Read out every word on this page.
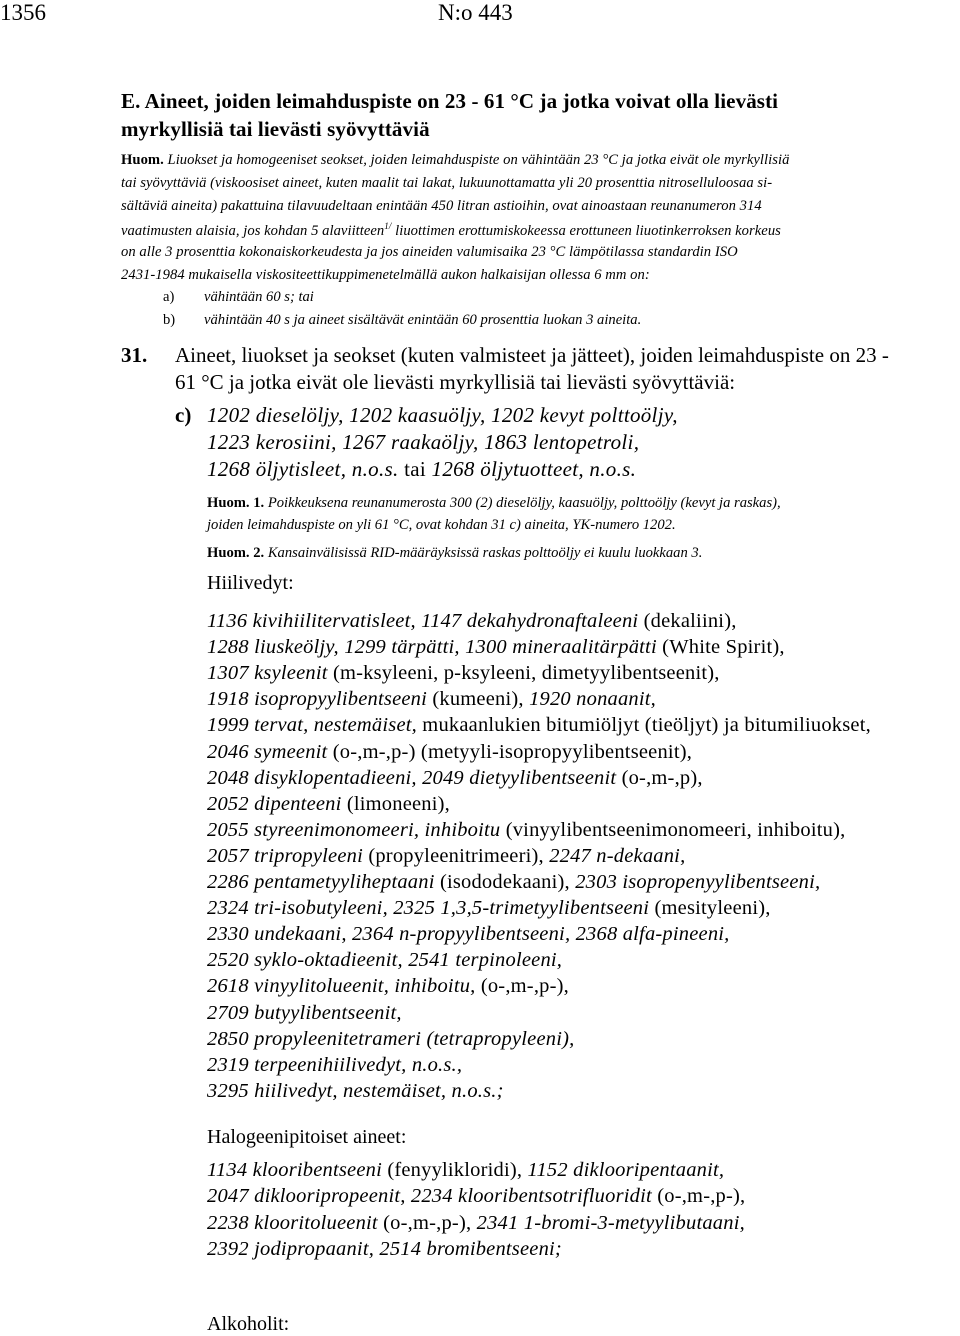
1356	N:o 443
E. Aineet, joiden leimahduspiste on 23 - 61 °C ja jotka voivat olla lievästi
myrkyllisiä tai lievästi syövyttäviä
Huom. Liuokset ja homogeeniset seokset, joiden leimahduspiste on vähintään 23 °C ja jotka eivät ole myrkyllisiä
tai syövyttäviä (viskoosiset aineet, kuten maalit tai lakat, lukuunottamatta yli 20 prosenttia nitroselluloosaa si-
sältäviä aineita) pakattuina tilavuudeltaan enintään 450 litran astioihin, ovat ainoastaan reunanumeron 314
vaatimusten alaisia, jos kohdan 5 alaviitteen$^{1/}$ liuottimen erottumiskokeessa erottuneen liuotinkerroksen korkeus
on alle 3 prosenttia kokonaiskorkeudesta ja jos aineiden valumisaika 23 °C lämpötilassa standardin ISO
2431-1984 mukaisella viskositeettikuppimenetelmällä aukon halkaisijan ollessa 6 mm on:
a) vähintään 60 s; tai
b) vähintään 40 s ja aineet sisältävät enintään 60 prosenttia luokan 3 aineita.
31. Aineet, liuokset ja seokset (kuten valmisteet ja jätteet), joiden leimahduspiste on 23 -
61 °C ja jotka eivät ole lievästi myrkyllisiä tai lievästi syövyttäviä:
c) 1202 dieselöljy, 1202 kaasuöljy, 1202 kevyt polttoöljy,
1223 kerosiini, 1267 raakaöljy, 1863 lentopetroli,
1268 öljytisleet, n.o.s. tai 1268 öljytuotteet, n.o.s.
Huom. 1. Poikkeuksena reunanumerosta 300 (2) dieselöljy, kaasuöljy, polttoöljy (kevyt ja raskas),
joiden leimahduspiste on yli 61 °C, ovat kohdan 31 c) aineita, YK-numero 1202.
Huom. 2. Kansainvälisissä RID-määräyksissä raskas polttoöljy ei kuulu luokkaan 3.
Hiilivedyt:
1136 kivihiilitervatisleet, 1147 dekahydronaftaleeni (dekaliini),
1288 liuskeöljy, 1299 tärpätti, 1300 mineraalitärpätti (White Spirit),
1307 ksyleenit (m-ksyleeni, p-ksyleeni, dimetyylibentseenit),
1918 isopropyylibentseeni (kumeeni), 1920 nonaanit,
1999 tervat, nestemäiset, mukaanlukien bitumiöljyt (tieöljyt) ja bitumiliuokset,
2046 symeenit (o-,m-,p-) (metyyli-isopropyylibentseenit),
2048 disyklopentadieeni, 2049 dietyylibentseenit (o-,m-,p),
2052 dipenteeni (limoneeni),
2055 styreenimonomeeri, inhiboitu (vinyylibentseenimonomeeri, inhiboitu),
2057 tripropyleeni (propyleenitrimeeri), 2247 n-dekaani,
2286 pentametyyliheptaani (isododekaani), 2303 isopropenyylibentseeni,
2324 tri-isobutyleeni, 2325 1,3,5-trimetyylibentseeni (mesityleeni),
2330 undekaani, 2364 n-propyylibentseeni, 2368 alfa-pineeni,
2520 syklo-oktadieenit, 2541 terpinoleeni,
2618 vinyylitolueenit, inhiboitu, (o-,m-,p-),
2709 butyylibentseenit,
2850 propyleenitetrameri (tetrapropyleeni),
2319 terpeenihiilivedyt, n.o.s.,
3295 hiilivedyt, nestemäiset, n.o.s.;
Halogeenipitoiset aineet:
1134 klooribentseeni (fenyylikloridi), 1152 diklooripentaanit,
2047 diklooripropeenit, 2234 klooribentsotrifluoridit (o-,m-,p-),
2238 klooritolueenit (o-,m-,p-), 2341 1-bromi-3-metyylibutaani,
2392 jodipropaanit, 2514 bromibentseeni;
Alkoholit:
